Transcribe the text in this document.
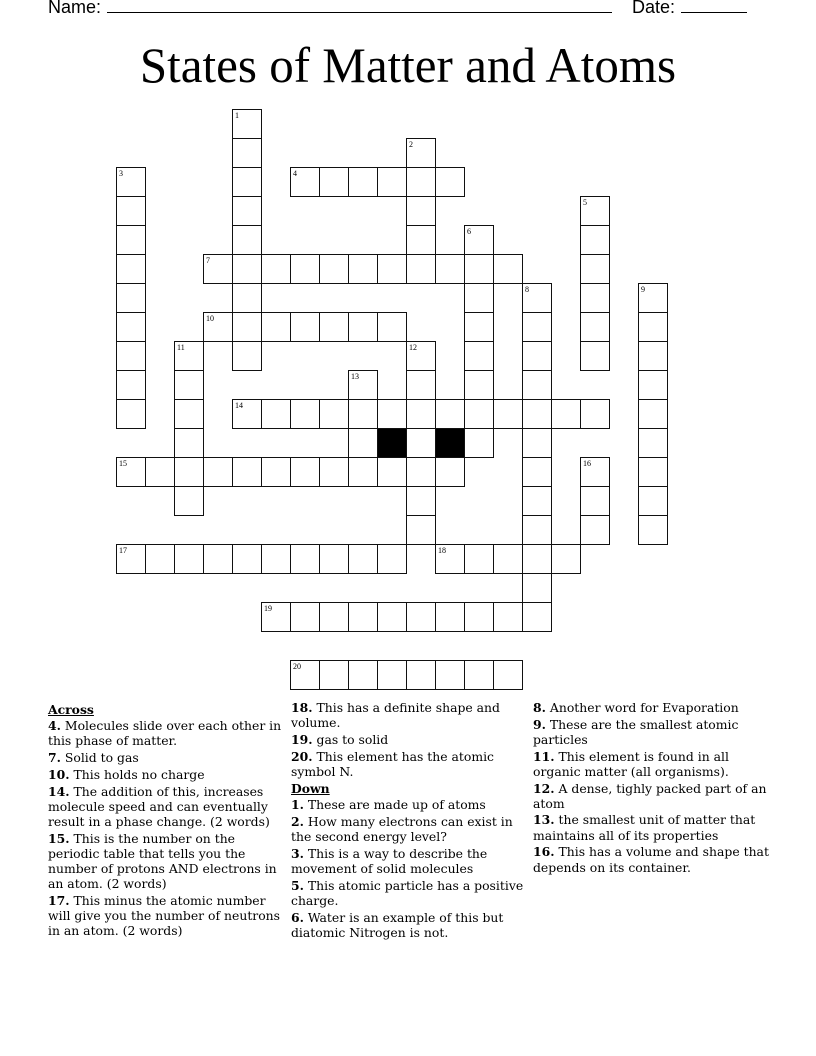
Name:	Date:
States of Matter and Atoms
1
2
3	4
5
6
7
8	9
10
11	12
13
14
15	16
17	18
19
20
Across
4. Molecules slide over each other in this phase of matter.
7. Solid to gas
10. This holds no charge
14. The addition of this, increases molecule speed and can eventually result in a phase change. (2 words)
15. This is the number on the periodic table that tells you the number of protons AND electrons in an atom. (2 words)
17. This minus the atomic number will give you the number of neutrons in an atom. (2 words)
18. This has a definite shape and volume.
19. gas to solid
20. This element has the atomic symbol N.
Down
1. These are made up of atoms
2. How many electrons can exist in the second energy level?
3. This is a way to describe the movement of solid molecules
5. This atomic particle has a positive charge.
6. Water is an example of this but diatomic Nitrogen is not.
8. Another word for Evaporation
9. These are the smallest atomic particles
11. This element is found in all organic matter (all organisms).
12. A dense, tighly packed part of an atom
13. the smallest unit of matter that maintains all of its properties
16. This has a volume and shape that depends on its container.
